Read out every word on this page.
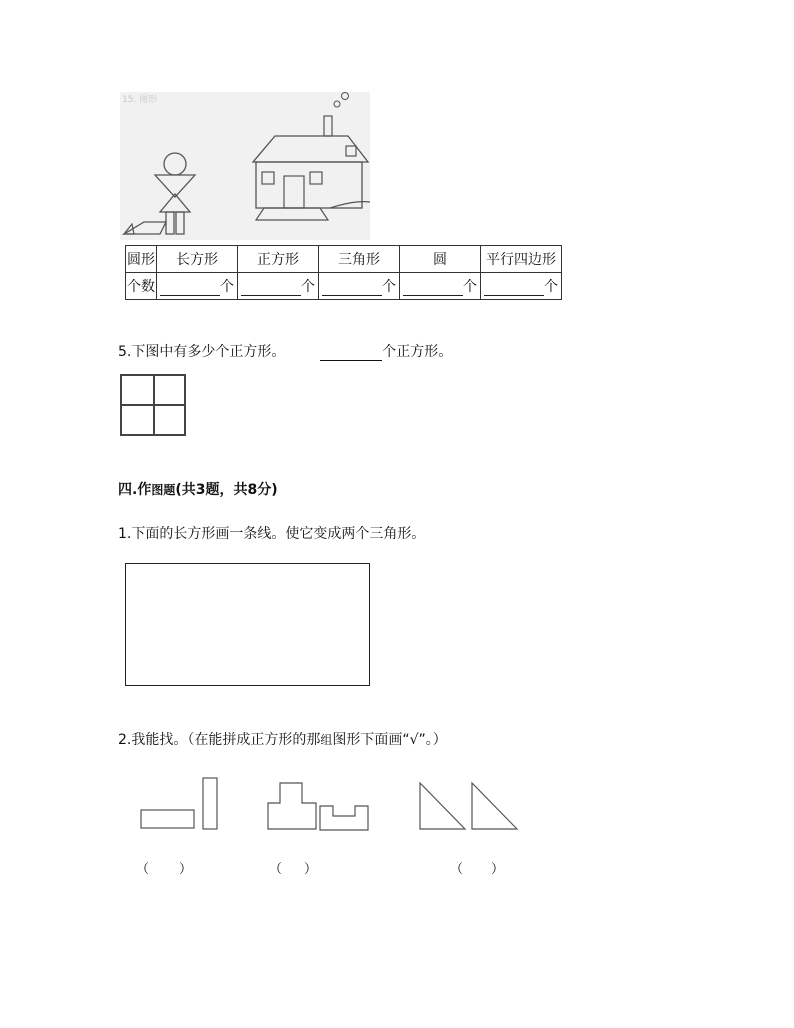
15. 图形
圆形	长方形	正方形	三角形	圆	平行四边形
个数	个	个	个	个	个
5.下图中有多少个正方形。	个正方形。
四.作图题(共3题，共8分)
1.下面的长方形画一条线。使它变成两个三角形。
2.我能找。（在能拼成正方形的那组图形下面画“√”。）
（ ）	（ ）	（ ）
